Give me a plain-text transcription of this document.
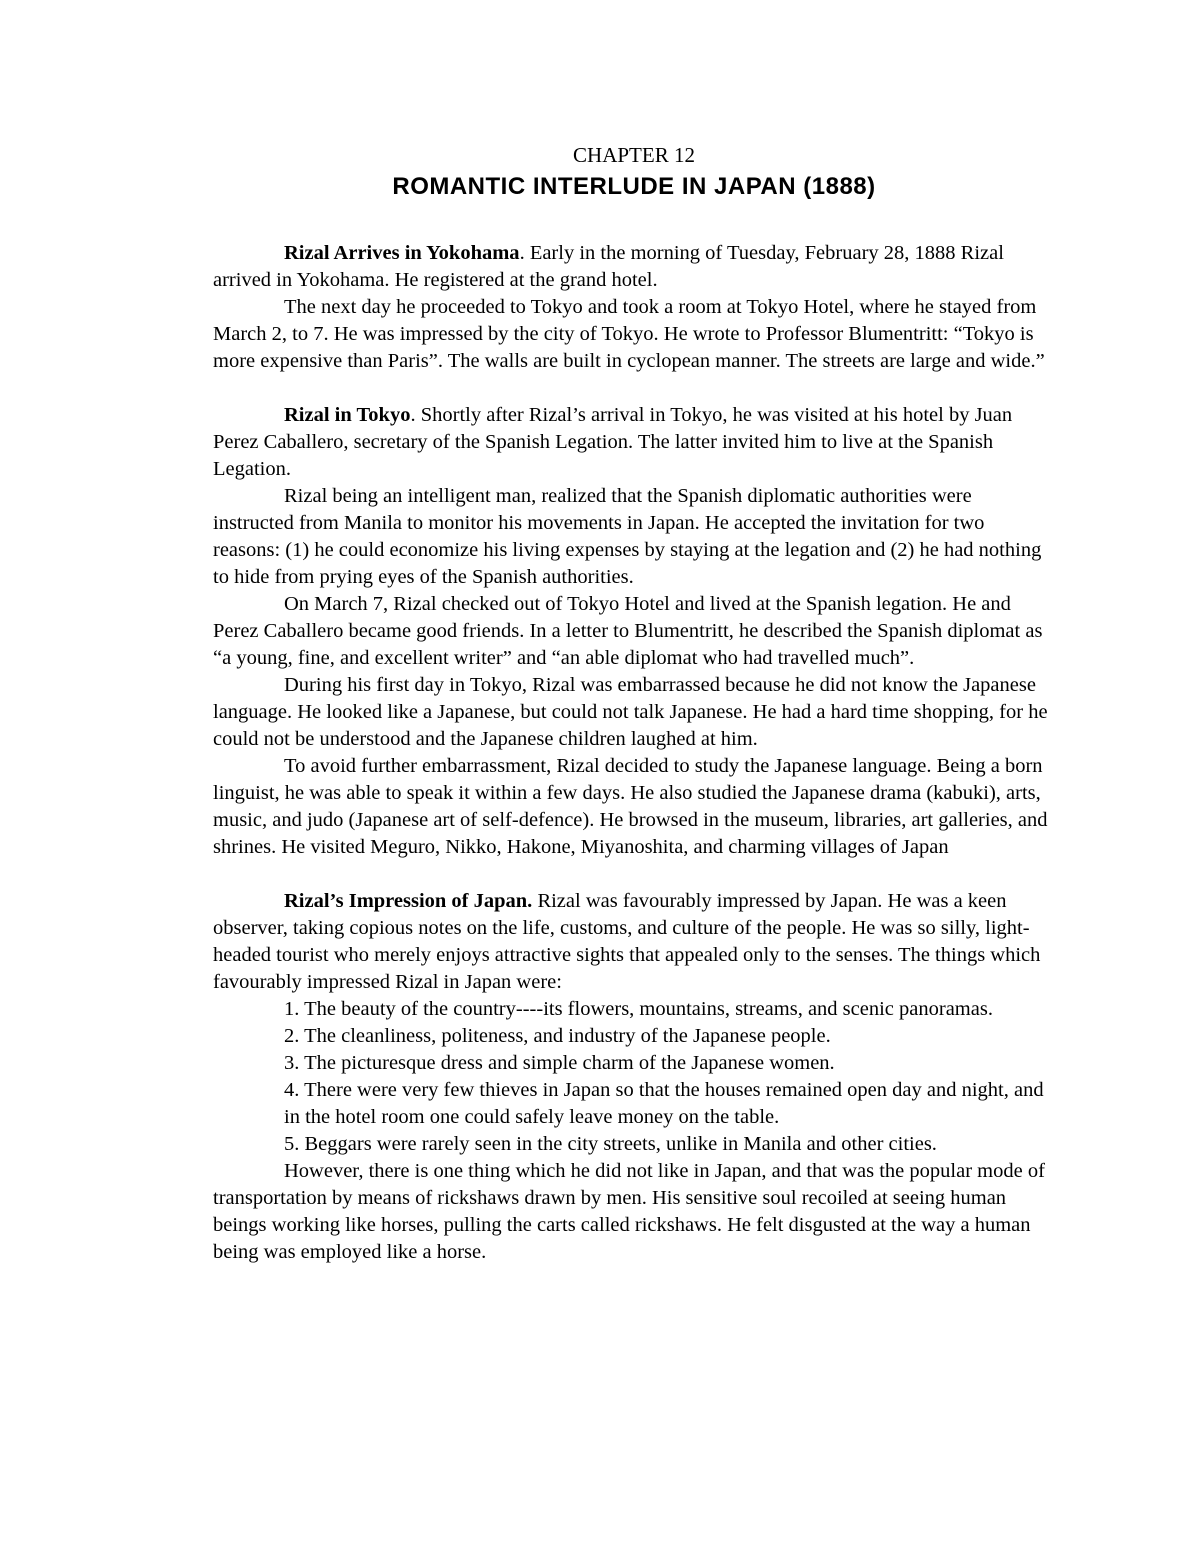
CHAPTER 12
ROMANTIC INTERLUDE IN JAPAN (1888)

Rizal Arrives in Yokohama. Early in the morning of Tuesday, February 28, 1888 Rizal arrived in Yokohama. He registered at the grand hotel.

The next day he proceeded to Tokyo and took a room at Tokyo Hotel, where he stayed from March 2, to 7. He was impressed by the city of Tokyo. He wrote to Professor Blumentritt: “Tokyo is more expensive than Paris”. The walls are built in cyclopean manner. The streets are large and wide.”

Rizal in Tokyo. Shortly after Rizal’s arrival in Tokyo, he was visited at his hotel by Juan Perez Caballero, secretary of the Spanish Legation. The latter invited him to live at the Spanish Legation.

Rizal being an intelligent man, realized that the Spanish diplomatic authorities were instructed from Manila to monitor his movements in Japan. He accepted the invitation for two reasons: (1) he could economize his living expenses by staying at the legation and (2) he had nothing to hide from prying eyes of the Spanish authorities.

On March 7, Rizal checked out of Tokyo Hotel and lived at the Spanish legation. He and Perez Caballero became good friends. In a letter to Blumentritt, he described the Spanish diplomat as “a young, fine, and excellent writer” and “an able diplomat who had travelled much”.

During his first day in Tokyo, Rizal was embarrassed because he did not know the Japanese language. He looked like a Japanese, but could not talk Japanese. He had a hard time shopping, for he could not be understood and the Japanese children laughed at him.

To avoid further embarrassment, Rizal decided to study the Japanese language. Being a born linguist, he was able to speak it within a few days. He also studied the Japanese drama (kabuki), arts, music, and judo (Japanese art of self-defence). He browsed in the museum, libraries, art galleries, and shrines. He visited Meguro, Nikko, Hakone, Miyanoshita, and charming villages of Japan

Rizal’s Impression of Japan. Rizal was favourably impressed by Japan. He was a keen observer, taking copious notes on the life, customs, and culture of the people. He was so silly, light-headed tourist who merely enjoys attractive sights that appealed only to the senses. The things which favourably impressed Rizal in Japan were:

1. The beauty of the country----its flowers, mountains, streams, and scenic panoramas.
2. The cleanliness, politeness, and industry of the Japanese people.
3. The picturesque dress and simple charm of the Japanese women.
4. There were very few thieves in Japan so that the houses remained open day and night, and in the hotel room one could safely leave money on the table.
5. Beggars were rarely seen in the city streets, unlike in Manila and other cities.

However, there is one thing which he did not like in Japan, and that was the popular mode of transportation by means of rickshaws drawn by men. His sensitive soul recoiled at seeing human beings working like horses, pulling the carts called rickshaws. He felt disgusted at the way a human being was employed like a horse.
